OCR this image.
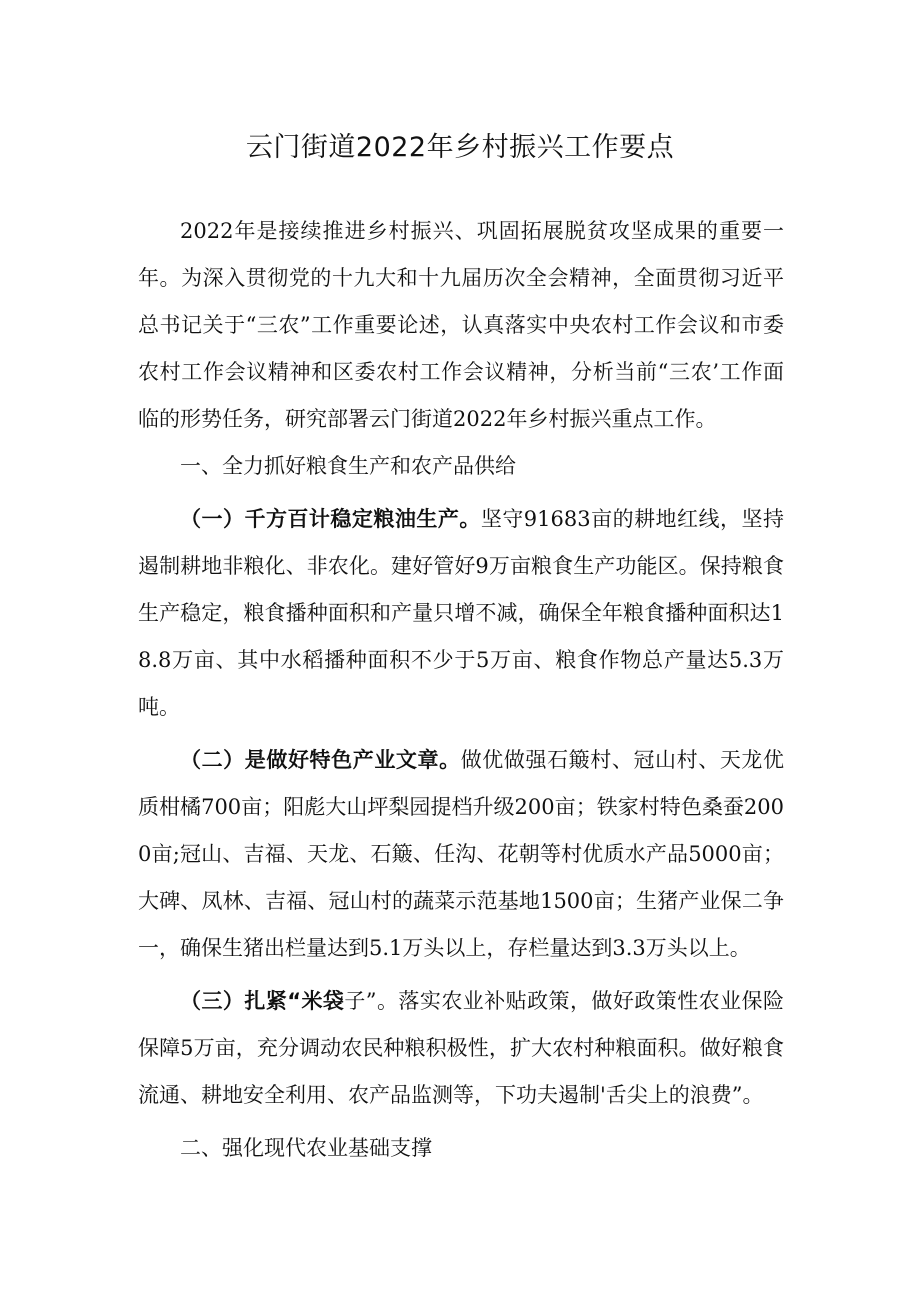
云门街道2022年乡村振兴工作要点

2022年是接续推进乡村振兴、巩固拓展脱贫攻坚成果的重要一年。为深入贯彻党的十九大和十九届历次全会精神，全面贯彻习近平总书记关于“三农”工作重要论述，认真落实中央农村工作会议和市委农村工作会议精神和区委农村工作会议精神，分析当前“三农’工作面临的形势任务，研究部署云门街道2022年乡村振兴重点工作。

一、全力抓好粮食生产和农产品供给

（一）千方百计稳定粮油生产。坚守91683亩的耕地红线，坚持遏制耕地非粮化、非农化。建好管好9万亩粮食生产功能区。保持粮食生产稳定，粮食播种面积和产量只增不减，确保全年粮食播种面积达18.8万亩、其中水稻播种面积不少于5万亩、粮食作物总产量达5.3万吨。

（二）是做好特色产业文章。做优做强石簸村、冠山村、天龙优质柑橘700亩；阳彪大山坪梨园提档升级200亩；铁家村特色桑蚕2000亩;冠山、吉福、天龙、石簸、任沟、花朝等村优质水产品5000亩；大碑、凤林、吉福、冠山村的蔬菜示范基地1500亩；生猪产业保二争一，确保生猪出栏量达到5.1万头以上，存栏量达到3.3万头以上。

（三）扎紧“米袋子”。落实农业补贴政策，做好政策性农业保险保障5万亩，充分调动农民种粮积极性，扩大农村种粮面积。做好粮食流通、耕地安全利用、农产品监测等，下功夫遏制'舌尖上的浪费”。

二、强化现代农业基础支撑
